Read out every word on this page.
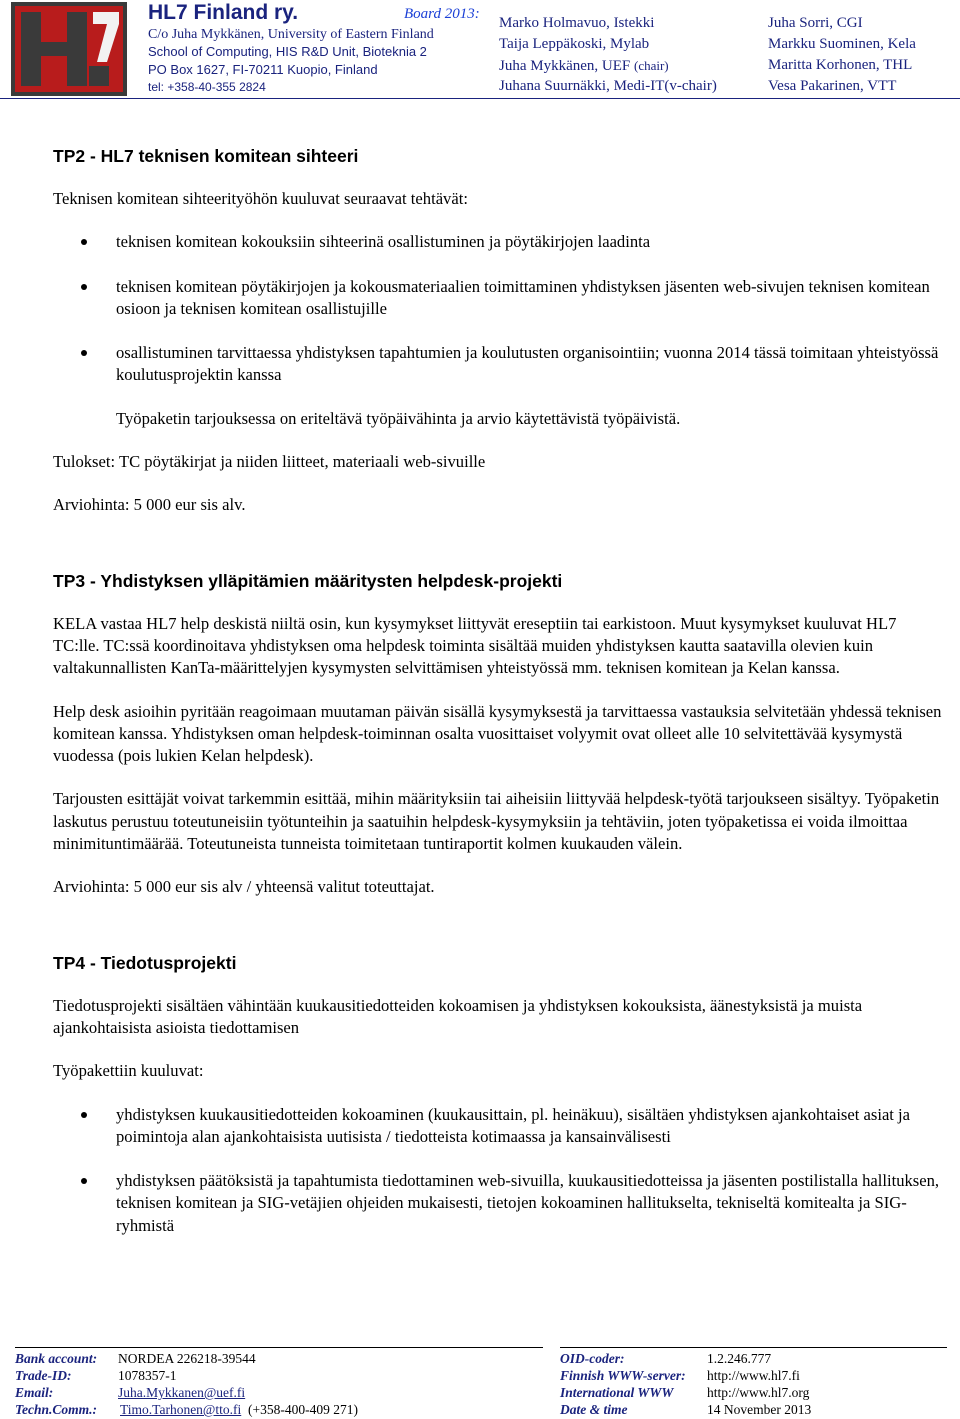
HL7 Finland ry.	Board 2013:
C/o Juha Mykkänen, University of Eastern Finland
School of Computing, HIS R&D Unit, Bioteknia 2
PO Box 1627, FI-70211 Kuopio, Finland
tel: +358-40-355 2824
Marko Holmavuo, Istekki
Taija Leppäkoski, Mylab
Juha Mykkänen, UEF (chair)
Juhana Suurnäkki, Medi-IT(v-chair)
Juha Sorri, CGI
Markku Suominen, Kela
Maritta Korhonen, THL
Vesa Pakarinen, VTT
TP2 - HL7 teknisen komitean sihteeri

Teknisen komitean sihteerityöhön kuuluvat seuraavat tehtävät:

teknisen komitean kokouksiin sihteerinä osallistuminen ja pöytäkirjojen laadinta
teknisen komitean pöytäkirjojen ja kokousmateriaalien toimittaminen yhdistyksen jäsenten web-sivujen teknisen komitean osioon ja teknisen komitean osallistujille
osallistuminen tarvittaessa yhdistyksen tapahtumien ja koulutusten organisointiin; vuonna 2014 tässä toimitaan yhteistyössä koulutusprojektin kanssa

Työpaketin tarjouksessa on eriteltävä työpäivähinta ja arvio käytettävistä työpäivistä.

Tulokset: TC pöytäkirjat ja niiden liitteet, materiaali web-sivuille

Arviohinta: 5 000 eur sis alv.

TP3 - Yhdistyksen ylläpitämien määritysten helpdesk-projekti

KELA vastaa HL7 help deskistä niiltä osin, kun kysymykset liittyvät ereseptiin tai earkistoon. Muut kysymykset kuuluvat HL7 TC:lle. TC:ssä koordinoitava yhdistyksen oma helpdesk toiminta sisältää muiden yhdistyksen kautta saatavilla olevien kuin valtakunnallisten KanTa-määrittelyjen kysymysten selvittämisen yhteistyössä mm. teknisen komitean ja Kelan kanssa.

Help desk asioihin pyritään reagoimaan muutaman päivän sisällä kysymyksestä ja tarvittaessa vastauksia selvitetään yhdessä teknisen komitean kanssa. Yhdistyksen oman helpdesk-toiminnan osalta vuosittaiset volyymit ovat olleet alle 10 selvitettävää kysymystä vuodessa (pois lukien Kelan helpdesk).

Tarjousten esittäjät voivat tarkemmin esittää, mihin määrityksiin tai aiheisiin liittyvää helpdesk-työtä tarjoukseen sisältyy. Työpaketin laskutus perustuu toteutuneisiin työtunteihin ja saatuihin helpdesk-kysymyksiin ja tehtäviin, joten työpaketissa ei voida ilmoittaa minimituntimäärää. Toteutuneista tunneista toimitetaan tuntiraportit kolmen kuukauden välein.

Arviohinta: 5 000 eur sis alv / yhteensä valitut toteuttajat.

TP4 - Tiedotusprojekti

Tiedotusprojekti sisältäen vähintään kuukausitiedotteiden kokoamisen ja yhdistyksen kokouksista, äänestyksistä ja muista ajankohtaisista asioista tiedottamisen

Työpakettiin kuuluvat:

yhdistyksen kuukausitiedotteiden kokoaminen (kuukausittain, pl. heinäkuu), sisältäen yhdistyksen ajankohtaiset asiat ja poimintoja alan ajankohtaisista uutisista / tiedotteista kotimaassa ja kansainvälisesti
yhdistyksen päätöksistä ja tapahtumista tiedottaminen web-sivuilla, kuukausitiedotteissa ja jäsenten postilistalla hallituksen, teknisen komitean ja SIG-vetäjien ohjeiden mukaisesti, tietojen kokoaminen hallitukselta, tekniseltä komitealta ja SIG-ryhmistä
Bank account: NORDEA 226218-39544
Trade-ID:	1078357-1
Email:	Juha.Mykkanen@uef.fi
Techn.Comm.: Timo.Tarhonen@tto.fi (+358-400-409 271)
OID-coder:	1.2.246.777
Finnish WWW-server: http://www.hl7.fi
International WWW http://www.hl7.org
Date & time	14 November 2013
